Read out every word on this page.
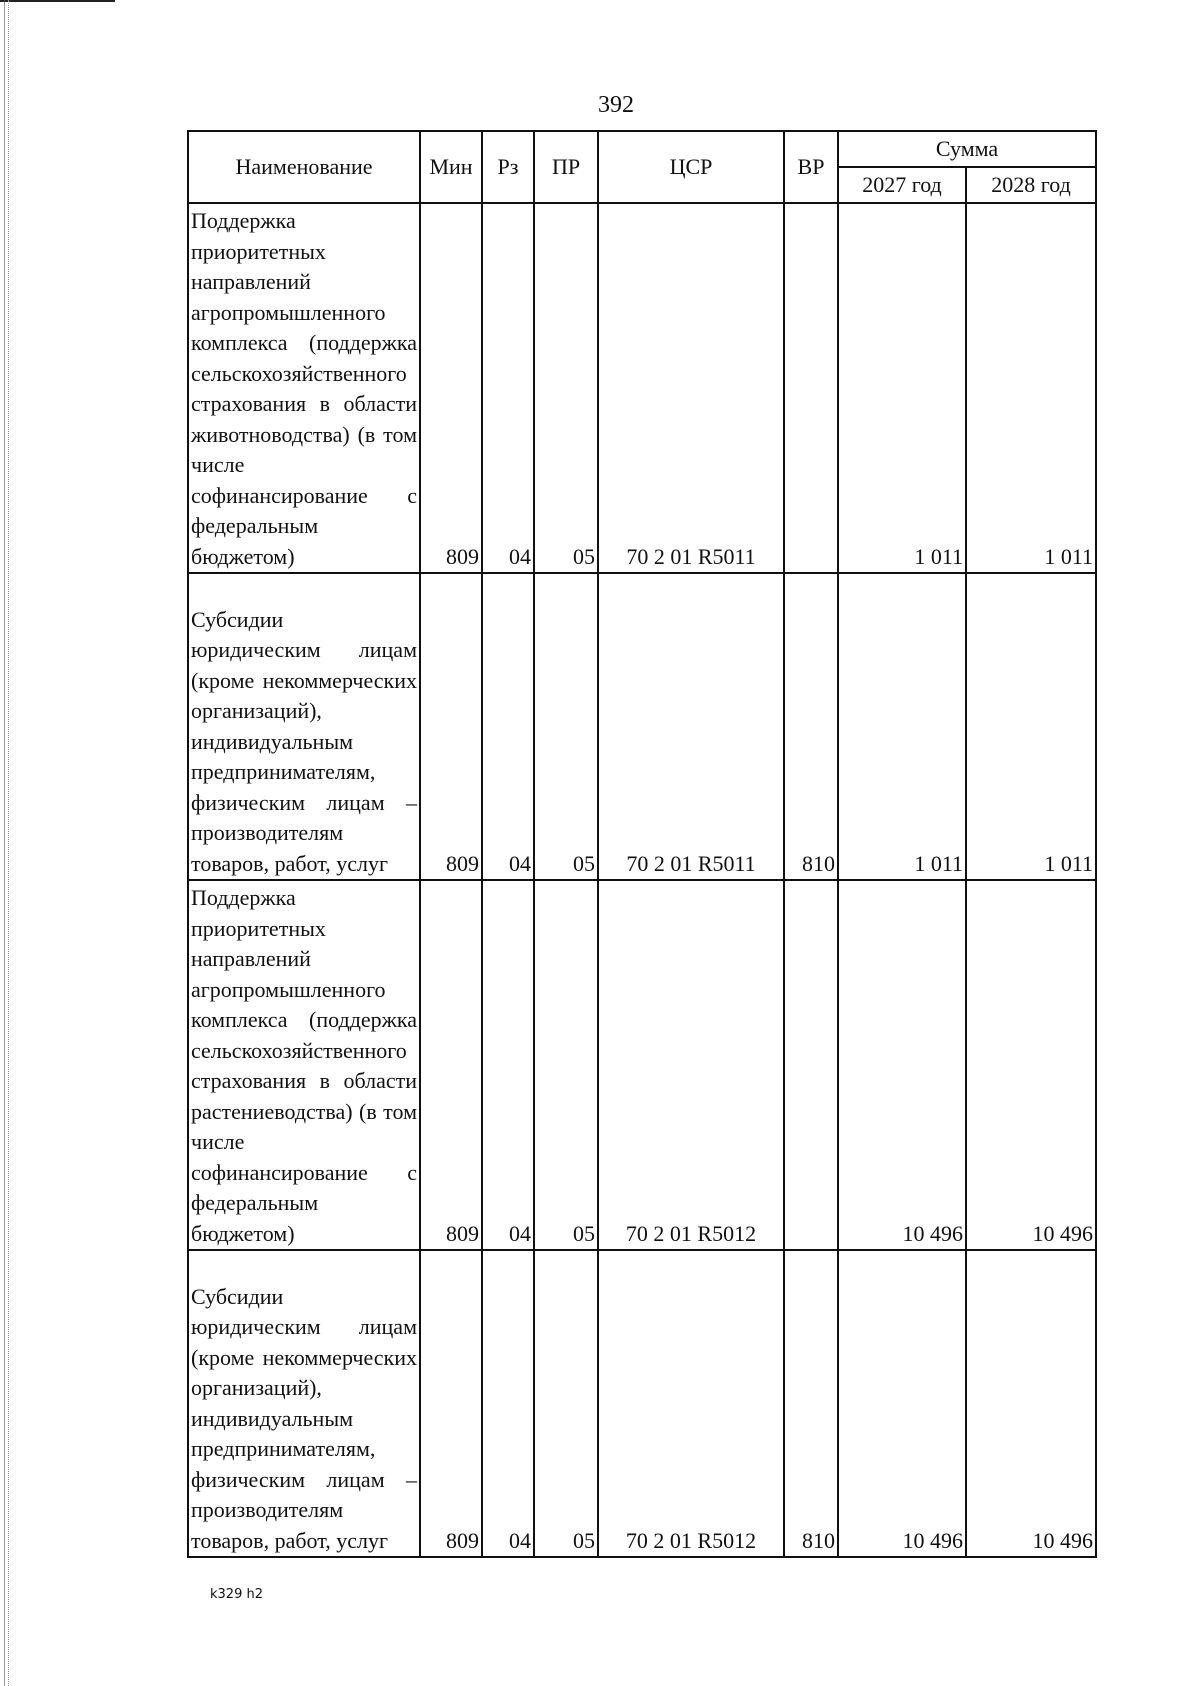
392
Наименование	Мин	Рз	ПР	ЦСР	ВР	Сумма	
						2027 год	2028 год
Поддержка приоритетных направлений агропромышленного комплекса (поддержка сельскохозяйственного страхования в области животноводства) (в том числе софинансирование с федеральным бюджетом)	809	04	05	70 2 01 R5011		1 011	1 011
Субсидии юридическим лицам (кроме некоммерческих организаций), индивидуальным предпринимателям, физическим лицам – производителям товаров, работ, услуг	809	04	05	70 2 01 R5011	810	1 011	1 011
Поддержка приоритетных направлений агропромышленного комплекса (поддержка сельскохозяйственного страхования в области растениеводства) (в том числе софинансирование с федеральным бюджетом)	809	04	05	70 2 01 R5012		10 496	10 496
Субсидии юридическим лицам (кроме некоммерческих организаций), индивидуальным предпринимателям, физическим лицам – производителям товаров, работ, услуг	809	04	05	70 2 01 R5012	810	10 496	10 496
k329 h2
